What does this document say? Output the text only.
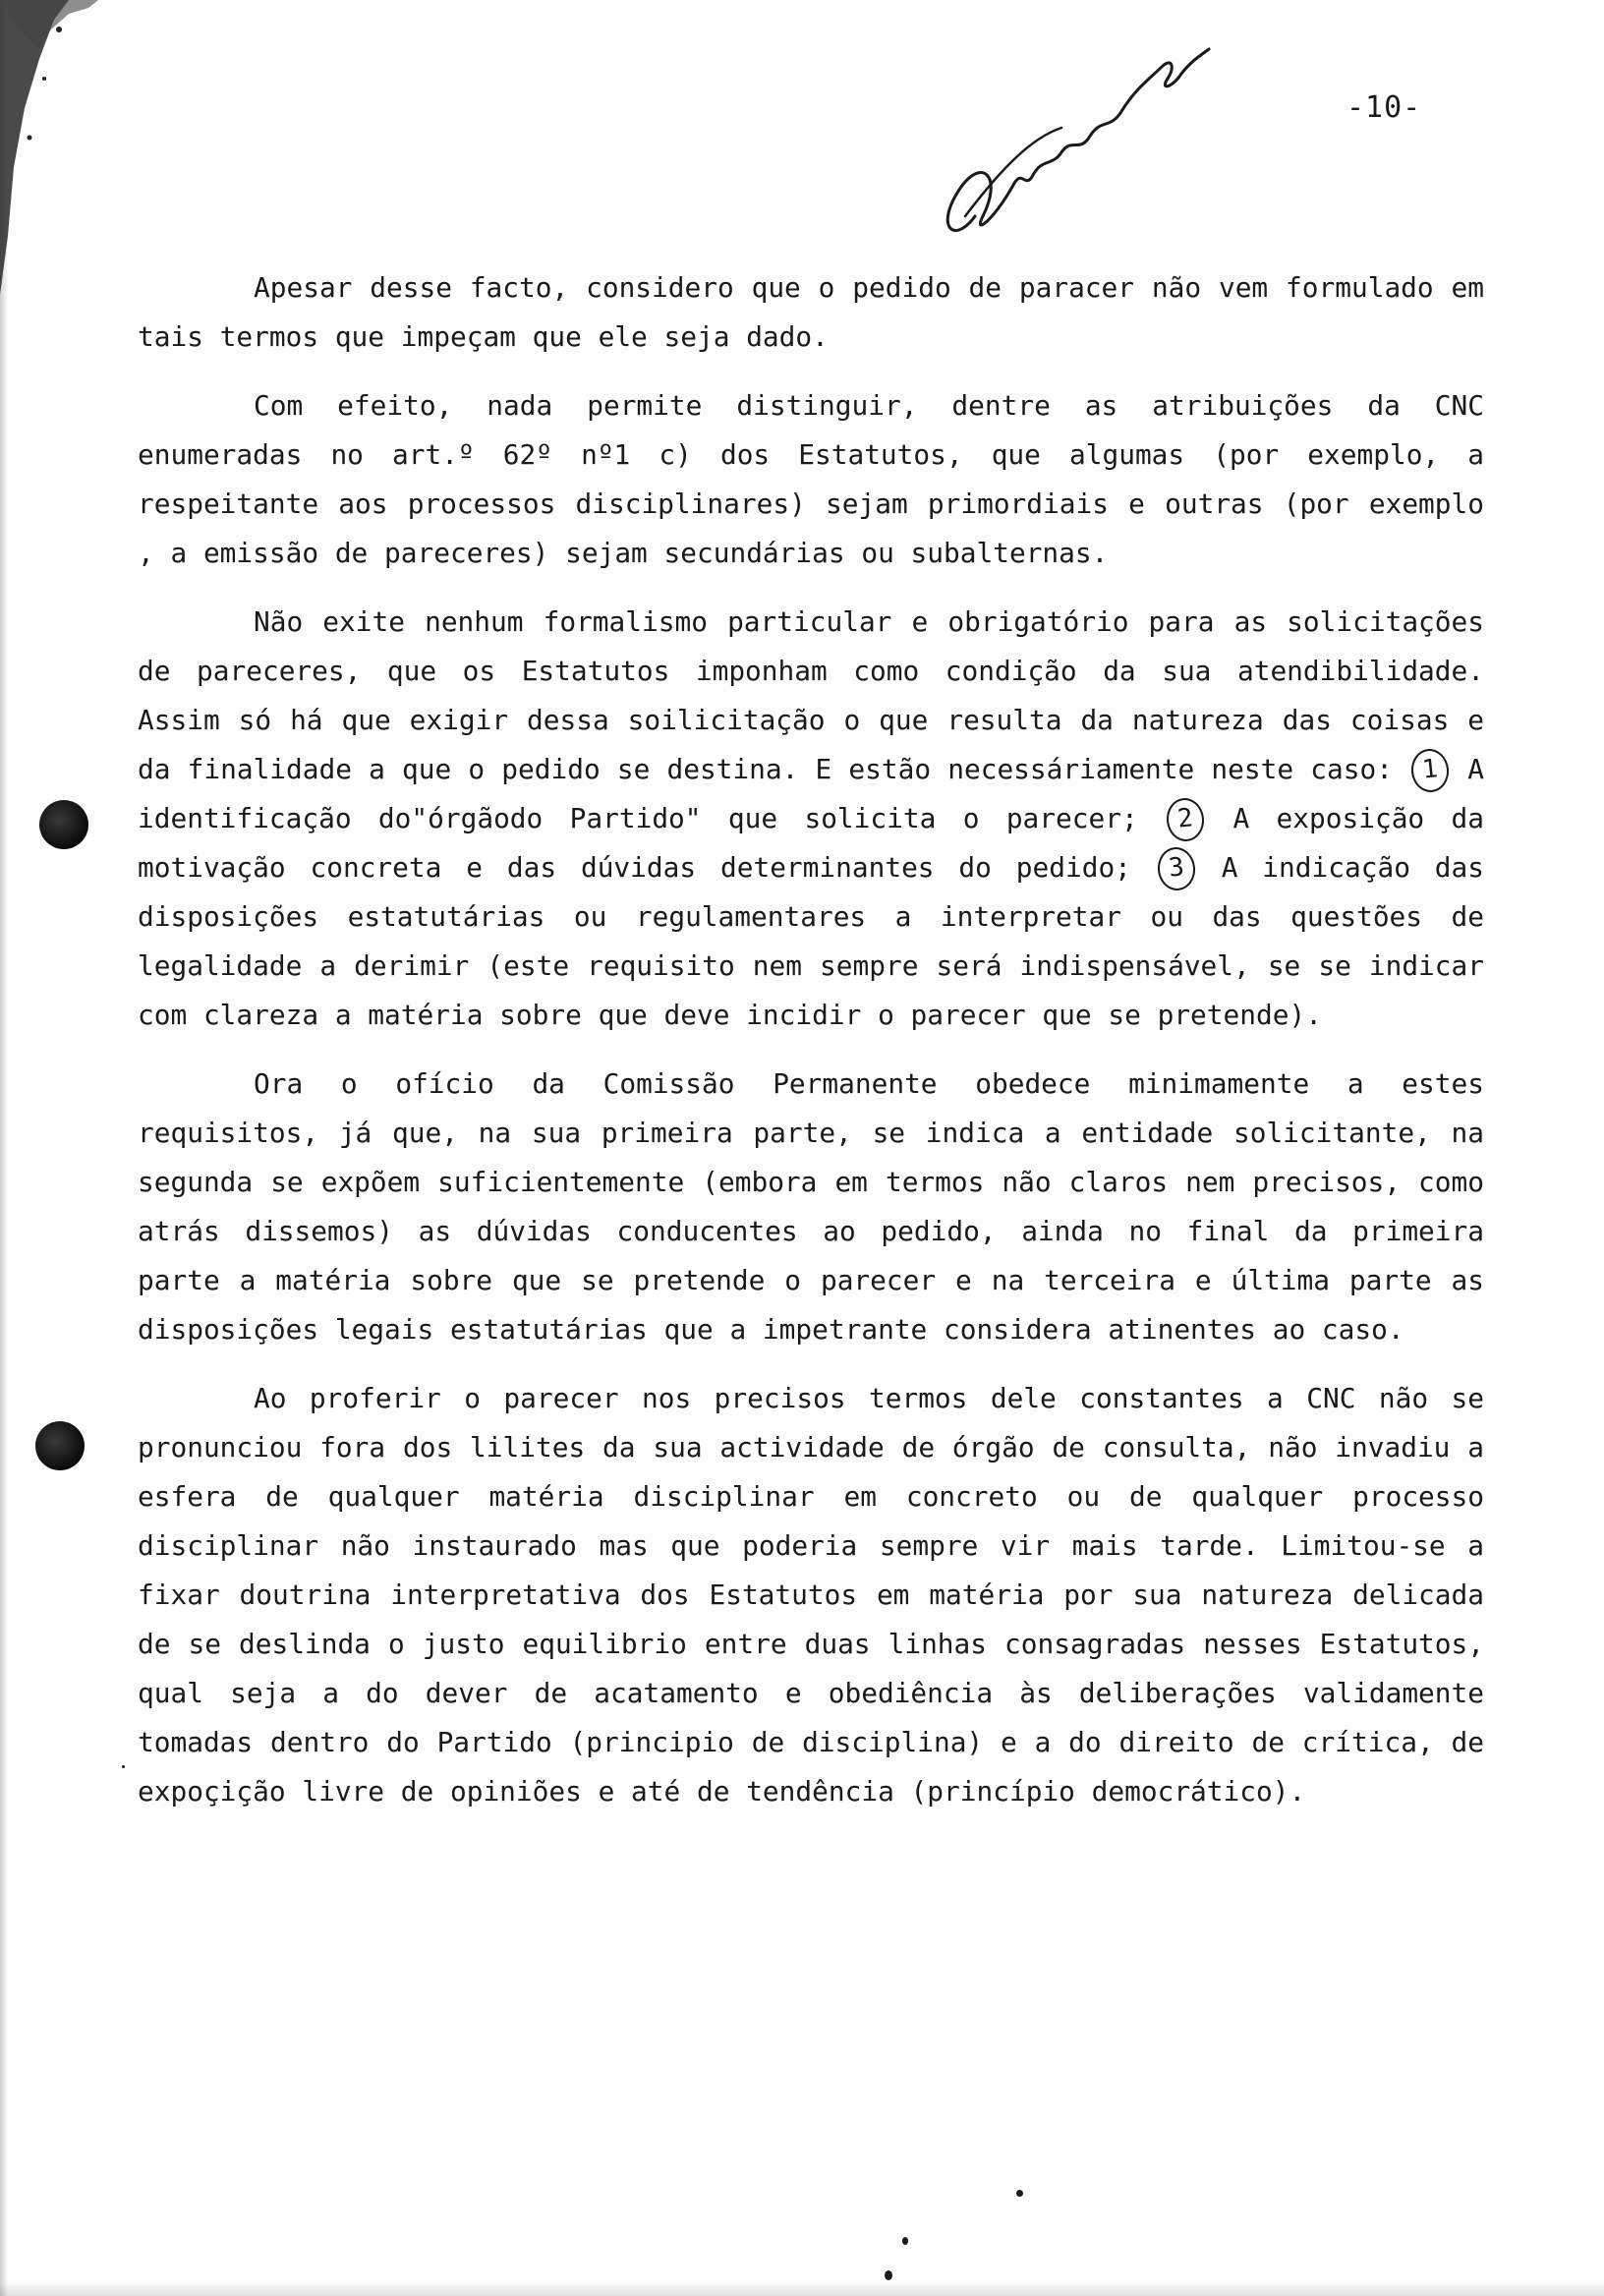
-10-

Apesar desse facto, considero que o pedido de paracer não vem formulado em tais termos que impeçam que ele seja dado.

Com efeito, nada permite distinguir, dentre as atribuições da CNC enumeradas no art.º 62º nº1 c) dos Estatutos, que algumas (por exemplo, a respeitante aos processos disciplinares) sejam primordiais e outras (por exemplo , a emissão de pareceres) sejam secundárias ou subalternas.

Não exite nenhum formalismo particular e obrigatório para as solicitações de pareceres, que os Estatutos imponham como condição da sua atendibilidade. Assim só há que exigir dessa soilicitação o que resulta da natureza das coisas e da finalidade a que o pedido se destina. E estão necessáriamente neste caso: 1 A identificação do"órgãodo Partido" que solicita o parecer; 2 A exposição da motivação concreta e das dúvidas determinantes do pedido; 3 A indicação das disposições estatutárias ou regulamentares a interpretar ou das questões de legalidade a derimir (este requisito nem sempre será indispensável, se se indicar com clareza a matéria sobre que deve incidir o parecer que se pretende).

Ora o ofício da Comissão Permanente obedece minimamente a estes requisitos, já que, na sua primeira parte, se indica a entidade solicitante, na segunda se expõem suficientemente (embora em termos não claros nem precisos, como atrás dissemos) as dúvidas conducentes ao pedido, ainda no final da primeira parte a matéria sobre que se pretende o parecer e na terceira e última parte as disposições legais estatutárias que a impetrante considera atinentes ao caso.

Ao proferir o parecer nos precisos termos dele constantes a CNC não se pronunciou fora dos lilites da sua actividade de órgão de consulta, não invadiu a esfera de qualquer matéria disciplinar em concreto ou de qualquer processo disciplinar não instaurado mas que poderia sempre vir mais tarde. Limitou-se a fixar doutrina interpretativa dos Estatutos em matéria por sua natureza delicada de se deslinda o justo equilibrio entre duas linhas consagradas nesses Estatutos, qual seja a do dever de acatamento e obediência às deliberações validamente tomadas dentro do Partido (principio de disciplina) e a do direito de crítica, de expoçição livre de opiniões e até de tendência (princípio democrático).
